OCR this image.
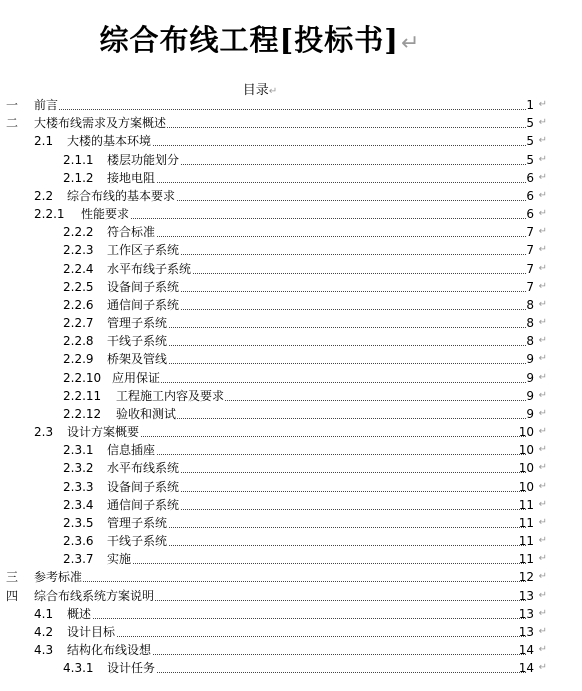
综合布线工程[投标书]↵
目录↵
一 前言	1 ↵
二 大楼布线需求及方案概述	5 ↵
2.1 大楼的基本环境	5 ↵
2.1.1 楼层功能划分	5 ↵
2.1.2 接地电阻	6 ↵
2.2 综合布线的基本要求	6 ↵
2.2.1 性能要求	6 ↵
2.2.2 符合标准	7 ↵
2.2.3 工作区子系统	7 ↵
2.2.4 水平布线子系统	7 ↵
2.2.5 设备间子系统	7 ↵
2.2.6 通信间子系统	8 ↵
2.2.7 管理子系统	8 ↵
2.2.8 干线子系统	8 ↵
2.2.9 桥架及管线	9 ↵
2.2.10 应用保证	9 ↵
2.2.11 工程施工内容及要求	9 ↵
2.2.12 验收和测试	9 ↵
2.3 设计方案概要	10 ↵
2.3.1 信息插座	10 ↵
2.3.2 水平布线系统	10 ↵
2.3.3 设备间子系统	10 ↵
2.3.4 通信间子系统	11 ↵
2.3.5 管理子系统	11 ↵
2.3.6 干线子系统	11 ↵
2.3.7 实施	11 ↵
三 参考标准	12 ↵
四 综合布线系统方案说明	13 ↵
4.1 概述	13 ↵
4.2 设计目标	13 ↵
4.3 结构化布线设想	14 ↵
4.3.1 设计任务	14 ↵
